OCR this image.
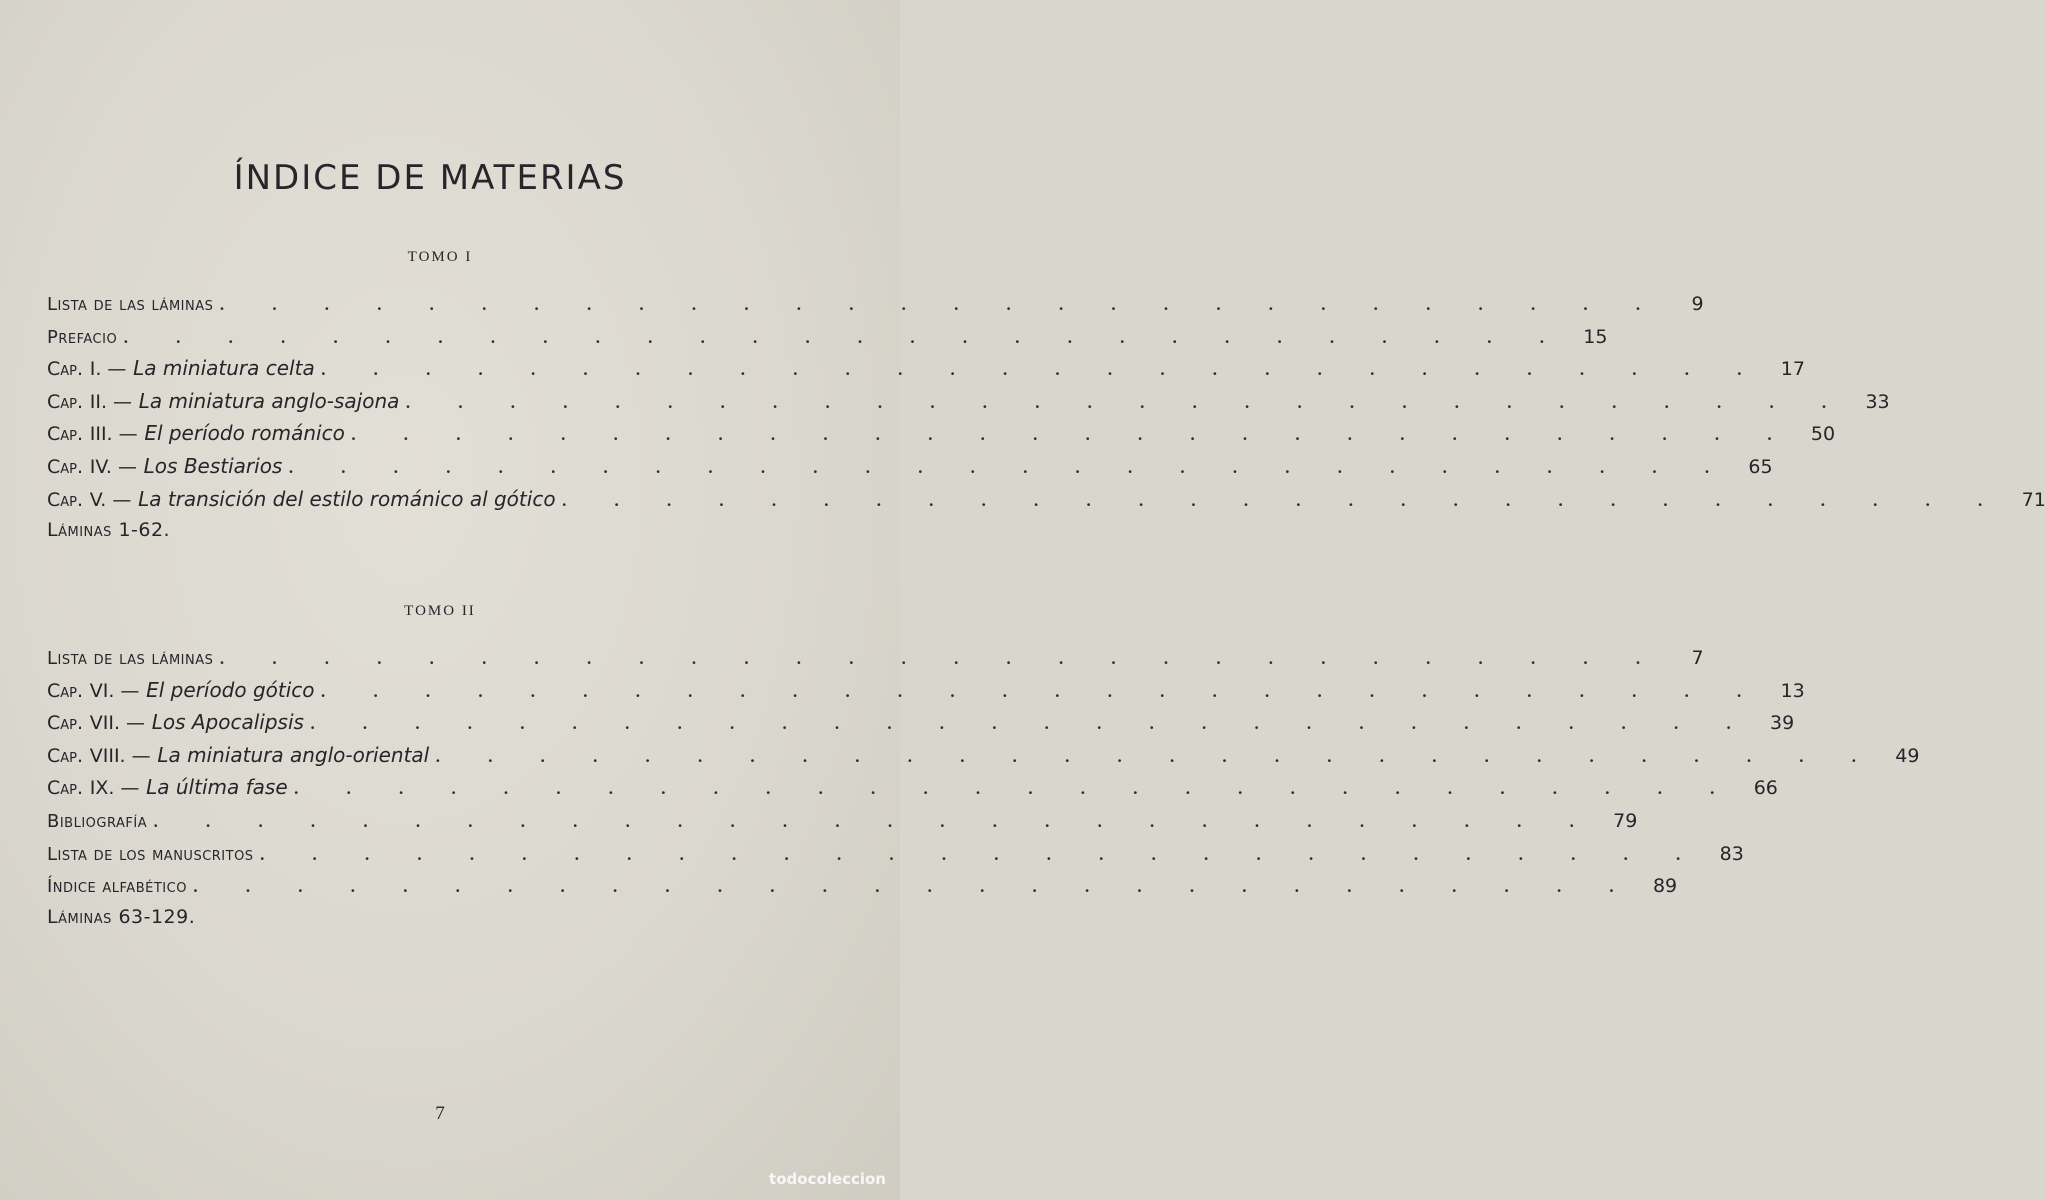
ÍNDICE DE MATERIAS
TOMO I
Lista de las láminas . . . . . . . . . . . . . . . . . . . . . . . . . . . .	9
Prefacio . . . . . . . . . . . . . . . . . . . . . . . . . . . . 15
Cap. I. — La miniatura celta . . . . . . . . . . . . . . . . . . . . . . . . . . . . 17
Cap. II. — La miniatura anglo-sajona . . . . . . . . . . . . . . . . . . . . . . . . . . . . 33
Cap. III. — El período románico . . . . . . . . . . . . . . . . . . . . . . . . . . . . 50
Cap. IV. — Los Bestiarios . . . . . . . . . . . . . . . . . . . . . . . . . . . . 65
Cap. V. — La transición del estilo románico al gótico . . . . . . . . . . . . . . . . . . . . . . . . . . . . 71
Láminas 1-62.
TOMO II
Lista de las láminas . . . . . . . . . . . . . . . . . . . . . . . . . . . .	7
Cap. VI. — El período gótico . . . . . . . . . . . . . . . . . . . . . . . . . . . . 13
Cap. VII. — Los Apocalipsis . . . . . . . . . . . . . . . . . . . . . . . . . . . . 39
Cap. VIII. — La miniatura anglo-oriental . . . . . . . . . . . . . . . . . . . . . . . . . . . . 49
Cap. IX. — La última fase . . . . . . . . . . . . . . . . . . . . . . . . . . . . 66
Bibliografía . . . . . . . . . . . . . . . . . . . . . . . . . . . . 79
Lista de los manuscritos . . . . . . . . . . . . . . . . . . . . . . . . . . . . 83
Índice alfabético . . . . . . . . . . . . . . . . . . . . . . . . . . . . 89
Láminas 63-129.
7
todocoleccion
